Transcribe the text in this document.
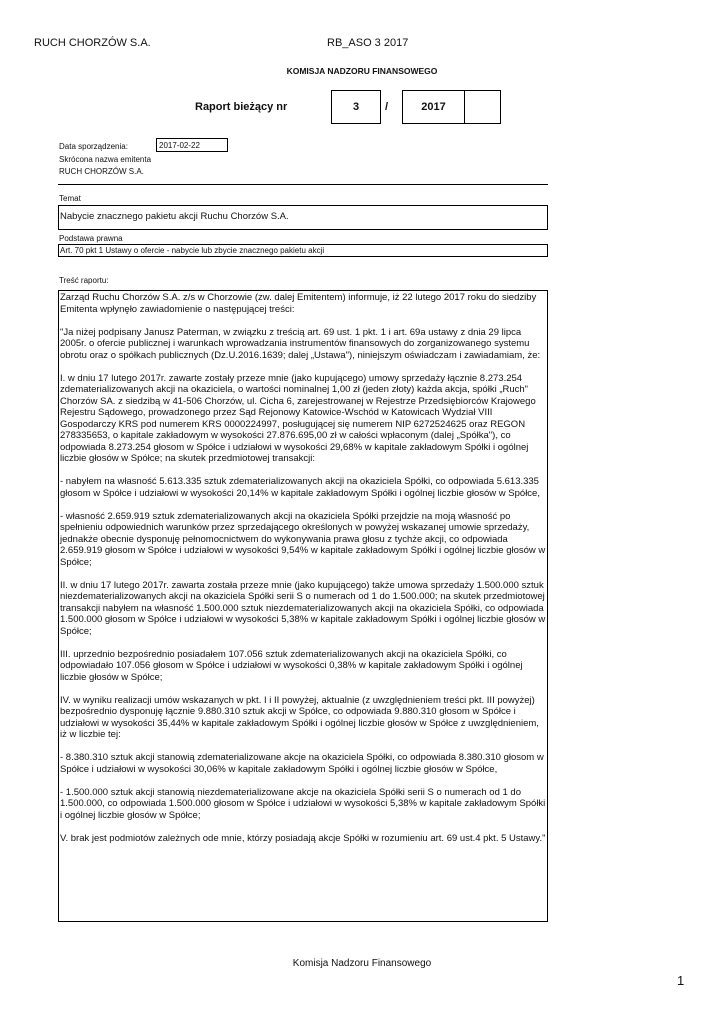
RUCH CHORZÓW S.A.	RB_ASO 3 2017
KOMISJA NADZORU FINANSOWEGO
Raport bieżący nr	3	/	2017
Data sporządzenia:	2017-02-22
Skrócona nazwa emitenta
RUCH CHORZÓW S.A.
Temat
Nabycie znacznego pakietu akcji Ruchu Chorzów S.A.
Podstawa prawna
Art. 70 pkt 1 Ustawy o ofercie - nabycie lub zbycie znacznego pakietu akcji
Treść raportu:

Zarząd Ruchu Chorzów S.A. z/s w Chorzowie (zw. dalej Emitentem) informuje, iż 22 lutego 2017 roku do siedziby Emitenta wpłynęło zawiadomienie o następującej treści:

"Ja niżej podpisany Janusz Paterman, w związku z treścią art. 69 ust. 1 pkt. 1 i art. 69a ustawy z dnia 29 lipca 2005r. o ofercie publicznej i warunkach wprowadzania instrumentów finansowych do zorganizowanego systemu obrotu oraz o spółkach publicznych (Dz.U.2016.1639; dalej „Ustawa"), niniejszym oświadczam i zawiadamiam, że:

I. w dniu 17 lutego 2017r. zawarte zostały przeze mnie (jako kupującego) umowy sprzedaży łącznie 8.273.254 zdematerializowanych akcji na okaziciela, o wartości nominalnej 1,00 zł (jeden złoty) każda akcja, spółki „Ruch" Chorzów SA. z siedzibą w 41-506 Chorzów, ul. Cicha 6, zarejestrowanej w Rejestrze Przedsiębiorców Krajowego Rejestru Sądowego, prowadzonego przez Sąd Rejonowy Katowice-Wschód w Katowicach Wydział VIII Gospodarczy KRS pod numerem KRS 0000224997, posługującej się numerem NIP 6272524625 oraz REGON 278335653, o kapitale zakładowym w wysokości 27.876.695,00 zł w całości wpłaconym (dalej „Spółka"), co odpowiada 8.273.254 głosom w Spółce i udziałowi w wysokości 29,68% w kapitale zakładowym Spółki i ogólnej liczbie głosów w Spółce; na skutek przedmiotowej transakcji:

- nabyłem na własność 5.613.335 sztuk zdematerializowanych akcji na okaziciela Spółki, co odpowiada 5.613.335 głosom w Spółce i udziałowi w wysokości 20,14% w kapitale zakładowym Spółki i ogólnej liczbie głosów w Spółce,

- własność 2.659.919 sztuk zdematerializowanych akcji na okaziciela Spółki przejdzie na moją własność po spełnieniu odpowiednich warunków przez sprzedającego określonych w powyżej wskazanej umowie sprzedaży, jednakże obecnie dysponuję pełnomocnictwem do wykonywania prawa głosu z tychże akcji, co odpowiada 2.659.919 głosom w Spółce i udziałowi w wysokości 9,54% w kapitale zakładowym Spółki i ogólnej liczbie głosów w Spółce;

II. w dniu 17 lutego 2017r. zawarta została przeze mnie (jako kupującego) także umowa sprzedaży 1.500.000 sztuk niezdematerializowanych akcji na okaziciela Spółki serii S o numerach od 1 do 1.500.000; na skutek przedmiotowej transakcji nabyłem na własność 1.500.000 sztuk niezdematerializowanych akcji na okaziciela Spółki, co odpowiada 1.500.000 głosom w Spółce i udziałowi w wysokości 5,38% w kapitale zakładowym Spółki i ogólnej liczbie głosów w Spółce;

III. uprzednio bezpośrednio posiadałem 107.056 sztuk zdematerializowanych akcji na okaziciela Spółki, co odpowiadało 107.056 głosom w Spółce i udziałowi w wysokości 0,38% w kapitale zakładowym Spółki i ogólnej liczbie głosów w Spółce;

IV. w wyniku realizacji umów wskazanych w pkt. I i II powyżej, aktualnie (z uwzględnieniem treści pkt. III powyżej) bezpośrednio dysponuję łącznie 9.880.310 sztuk akcji w Spółce, co odpowiada 9.880.310 głosom w Spółce i udziałowi w wysokości 35,44% w kapitale zakładowym Spółki i ogólnej liczbie głosów w Spółce z uwzględnieniem, iż w liczbie tej:

- 8.380.310 sztuk akcji stanowią zdematerializowane akcje na okaziciela Spółki, co odpowiada 8.380.310 głosom w Spółce i udziałowi w wysokości 30,06% w kapitale zakładowym Spółki i ogólnej liczbie głosów w Spółce,

- 1.500.000 sztuk akcji stanowią niezdematerializowane akcje na okaziciela Spółki serii S o numerach od 1 do 1.500.000, co odpowiada 1.500.000 głosom w Spółce i udziałowi w wysokości 5,38% w kapitale zakładowym Spółki i ogólnej liczbie głosów w Spółce;

V. brak jest podmiotów zależnych ode mnie, którzy posiadają akcje Spółki w rozumieniu art. 69 ust.4 pkt. 5 Ustawy."

Komisja Nadzoru Finansowego
1
